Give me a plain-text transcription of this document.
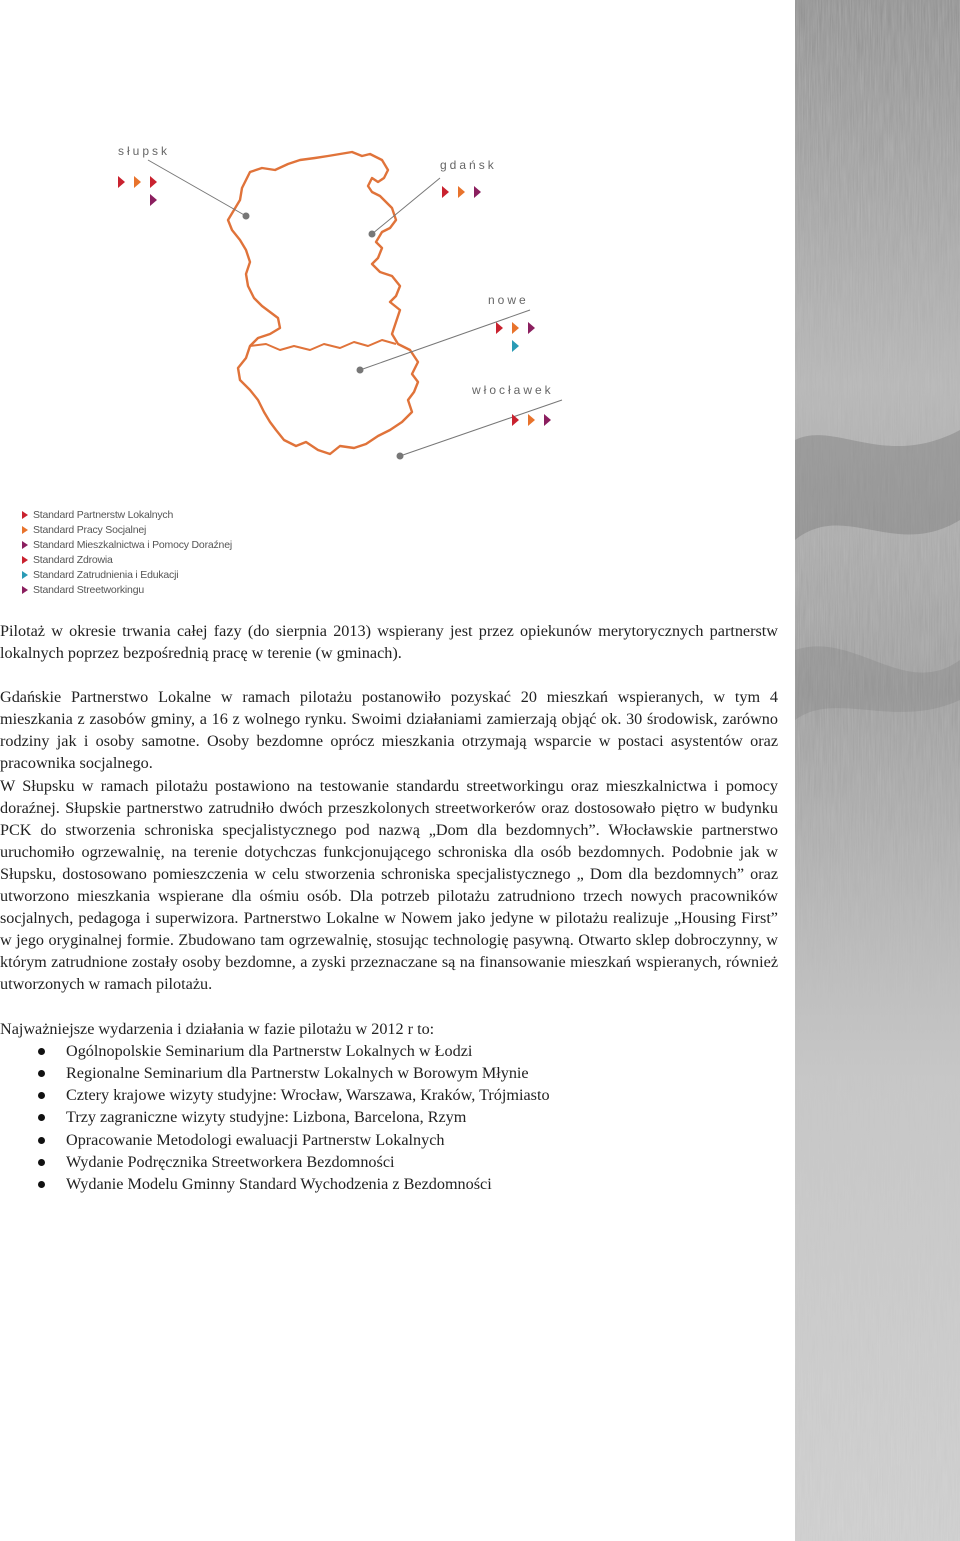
słupsk
gdańsk
nowe
włocławek
Standard Partnerstw Lokalnych
Standard Pracy Socjalnej
Standard Mieszkalnictwa i Pomocy Doraźnej
Standard Zdrowia
Standard Zatrudnienia i Edukacji
Standard Streetworkingu

Pilotaż w okresie trwania całej fazy (do sierpnia 2013) wspierany jest przez opiekunów merytorycznych partnerstw lokalnych poprzez bezpośrednią pracę w terenie (w gminach).

Gdańskie Partnerstwo Lokalne w ramach pilotażu postanowiło pozyskać 20 mieszkań wspieranych, w tym 4 mieszkania z zasobów gminy, a 16 z wolnego rynku. Swoimi działaniami zamierzają objąć ok. 30 środowisk, zarówno rodziny jak i osoby samotne. Osoby bezdomne oprócz mieszkania otrzymają wsparcie w postaci asystentów oraz pracownika socjalnego.

W Słupsku w ramach pilotażu postawiono na testowanie standardu streetworkingu oraz mieszkalnictwa i pomocy doraźnej. Słupskie partnerstwo zatrudniło dwóch przeszkolonych streetworkerów oraz dostosowało piętro w budynku PCK do stworzenia schroniska specjalistycznego pod nazwą „Dom dla bezdomnych”. Włocławskie partnerstwo uruchomiło ogrzewalnię, na terenie dotychczas funkcjonującego schroniska dla osób bezdomnych. Podobnie jak w Słupsku, dostosowano pomieszczenia w celu stworzenia schroniska specjalistycznego „ Dom dla bezdomnych” oraz utworzono mieszkania wspierane dla ośmiu osób. Dla potrzeb pilotażu zatrudniono trzech nowych pracowników socjalnych, pedagoga i superwizora. Partnerstwo Lokalne w Nowem jako jedyne w pilotażu realizuje „Housing First” w jego oryginalnej formie. Zbudowano tam ogrzewalnię, stosując technologię pasywną. Otwarto sklep dobroczynny, w którym zatrudnione zostały osoby bezdomne, a zyski przeznaczane są na finansowanie mieszkań wspieranych, również utworzonych w ramach pilotażu.

Najważniejsze wydarzenia i działania w fazie pilotażu w 2012 r to:

Ogólnopolskie Seminarium dla Partnerstw Lokalnych w Łodzi
Regionalne Seminarium dla Partnerstw Lokalnych w Borowym Młynie
Cztery krajowe wizyty studyjne: Wrocław, Warszawa, Kraków, Trójmiasto
Trzy zagraniczne wizyty studyjne: Lizbona, Barcelona, Rzym
Opracowanie Metodologi ewaluacji Partnerstw Lokalnych
Wydanie Podręcznika Streetworkera Bezdomności
Wydanie Modelu Gminny Standard Wychodzenia z Bezdomności
